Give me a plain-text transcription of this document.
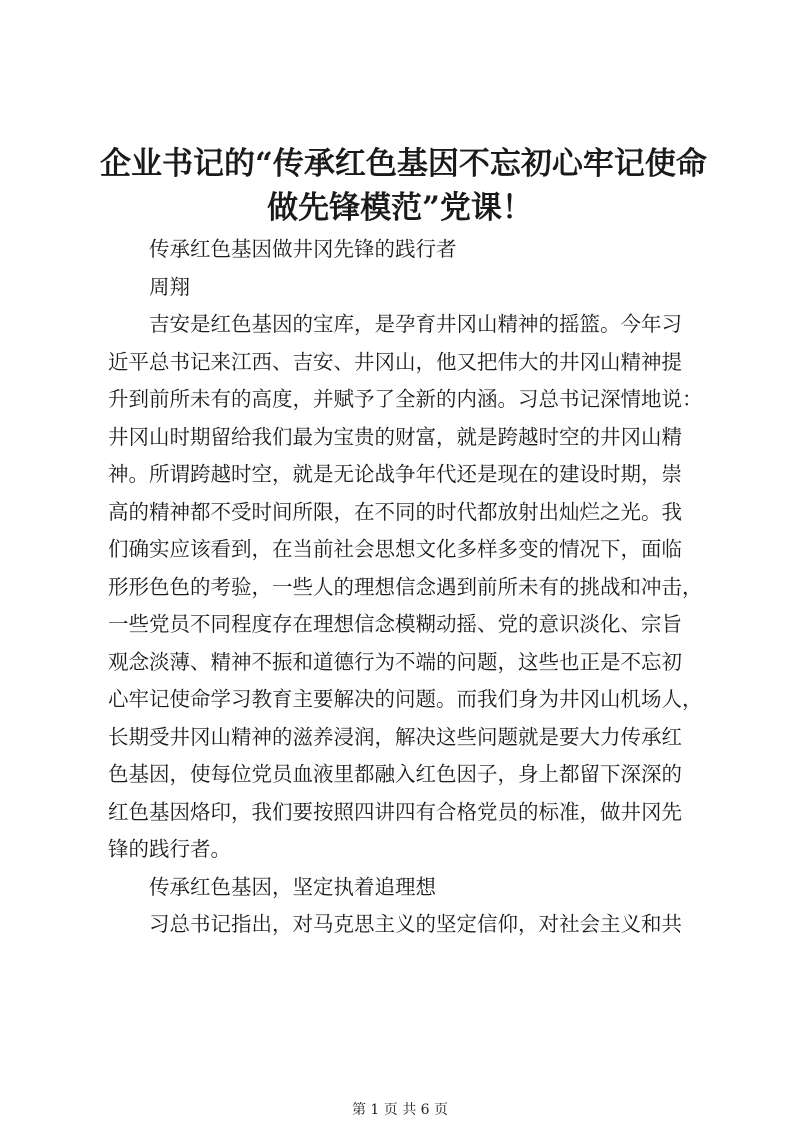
企业书记的“传承红色基因不忘初心牢记使命
做先锋模范”党课！
传承红色基因做井冈先锋的践行者
周翔
吉安是红色基因的宝库，是孕育井冈山精神的摇篮。今年习
近平总书记来江西、吉安、井冈山，他又把伟大的井冈山精神提
升到前所未有的高度，并赋予了全新的内涵。习总书记深情地说：
井冈山时期留给我们最为宝贵的财富，就是跨越时空的井冈山精
神。所谓跨越时空，就是无论战争年代还是现在的建设时期，崇
高的精神都不受时间所限，在不同的时代都放射出灿烂之光。我
们确实应该看到，在当前社会思想文化多样多变的情况下，面临
形形色色的考验，一些人的理想信念遇到前所未有的挑战和冲击，
一些党员不同程度存在理想信念模糊动摇、党的意识淡化、宗旨
观念淡薄、精神不振和道德行为不端的问题，这些也正是不忘初
心牢记使命学习教育主要解决的问题。而我们身为井冈山机场人，
长期受井冈山精神的滋养浸润，解决这些问题就是要大力传承红
色基因，使每位党员血液里都融入红色因子，身上都留下深深的
红色基因烙印，我们要按照四讲四有合格党员的标准，做井冈先
锋的践行者。
传承红色基因，坚定执着追理想
习总书记指出，对马克思主义的坚定信仰，对社会主义和共
第 1 页 共 6 页
